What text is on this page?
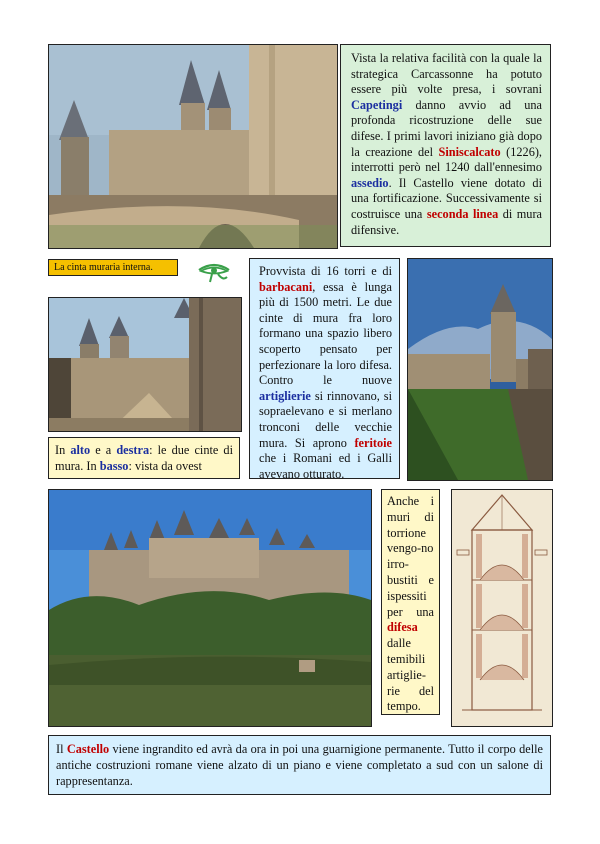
Vista la relativa facilità con la quale la strategica Carcassonne ha potuto essere più volte presa, i sovrani Capetingi danno avvio ad una profonda ricostruzione delle sue difese. I primi lavori iniziano già dopo la creazione del Siniscalcato (1226), interrotti però nel 1240 dall'ennesimo assedio. Il Castello viene dotato di una fortificazione. Successivamente si costruisce una seconda linea di mura difensive.
La cinta muraria interna.
In alto e a destra: le due cinte di mura. In basso: vista da ovest
Provvista di 16 torri e di barbacani, essa è lunga più di 1500 metri. Le due cinte di mura fra loro formano una spazio libero scoperto pensato per perfezionare la loro difesa. Contro le nuove artiglierie si rinnovano, si sopraelevano e si merlano tronconi delle vecchie mura. Si aprono feritoie che i Romani ed i Galli avevano otturato.
Anche i muri di torrione vengo-no irro-bustiti e ispessiti per una difesa dalle temibili artiglie-rie del tempo.
Il Castello viene ingrandito ed avrà da ora in poi una guarnigione permanente. Tutto il corpo delle antiche costruzioni romane viene alzato di un piano e viene completato a sud con un salone di rappresentanza.
